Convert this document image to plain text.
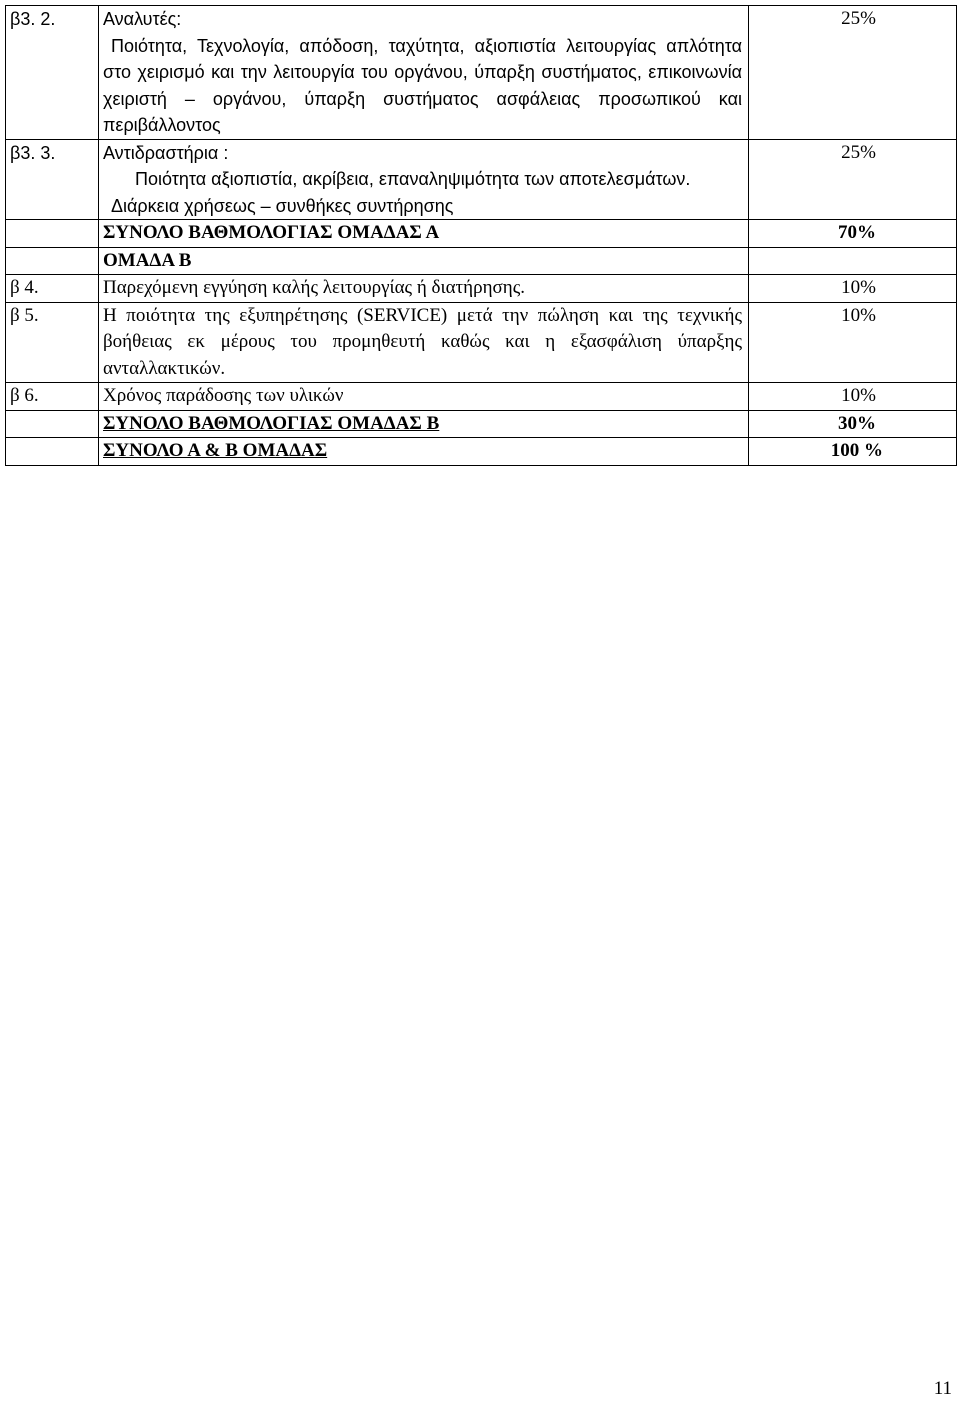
β3. 2.	Αναλυτές:
Ποιότητα, Τεχνολογία, απόδοση, ταχύτητα, αξιοπιστία λειτουργίας απλότητα στο χειρισμό και την λειτουργία του οργάνου, ύπαρξη συστήματος, επικοινωνία χειριστή – οργάνου, ύπαρξη συστήματος ασφάλειας προσωπικού και περιβάλλοντος	25%
β3. 3.	Αντιδραστήρια :
Ποιότητα αξιοπιστία, ακρίβεια, επαναληψιμότητα των αποτελεσμάτων.
Διάρκεια χρήσεως – συνθήκες συντήρησης	25%
	ΣΥΝΟΛΟ ΒΑΘΜΟΛΟΓΙΑΣ ΟΜΑΔΑΣ Α	70%
	ΟΜΑΔΑ Β	
β 4.	Παρεχόμενη εγγύηση καλής λειτουργίας ή διατήρησης.	10%
β 5.	Η ποιότητα της εξυπηρέτησης (SERVICE) μετά την πώληση και της τεχνικής βοήθειας εκ μέρους του προμηθευτή καθώς και η εξασφάλιση ύπαρξης ανταλλακτικών.	10%
β 6.	Χρόνος παράδοσης των υλικών	10%
	ΣΥΝΟΛΟ ΒΑΘΜΟΛΟΓΙΑΣ ΟΜΑΔΑΣ Β	30%
	ΣΥΝΟΛΟ Α & Β ΟΜΑΔΑΣ	100 %
11
